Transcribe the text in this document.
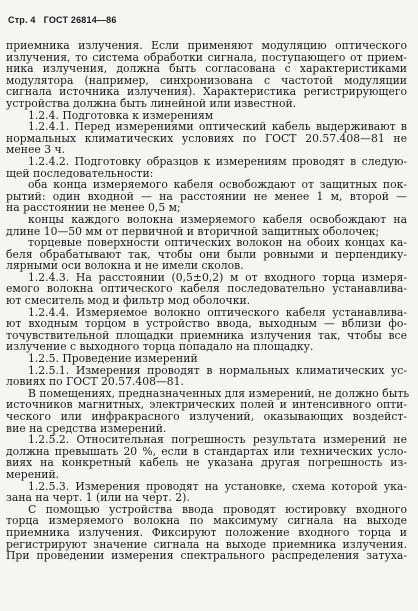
Стр. 4 ГОСТ 26814—86
приемника излучения. Если применяют модуляцию оптического
излучения, то система обработки сигнала, поступающего от прием-
ника излучения, должна быть согласована с характеристиками
модулятора (например, синхронизована с частотой модуляции
сигнала источника излучения). Характеристика регистрирующего
устройства должна быть линейной или известной.
1.2.4. Подготовка к измерениям
1.2.4.1. Перед измерениями оптический кабель выдерживают в
нормальных климатических условиях по ГОСТ 20.57.408—81 не
менее 3 ч.
1.2.4.2. Подготовку образцов к измерениям проводят в следую-
щей последовательности:
оба конца измеряемого кабеля освобождают от защитных пок-
рытий: один входной — на расстоянии не менее 1 м, второй —
на расстоянии не менее 0,5 м;
концы каждого волокна измеряемого кабеля освобождают на
длине 10—50 мм от первичной и вторичной защитных оболочек;
торцевые поверхности оптических волокон на обоих концах ка-
беля обрабатывают так, чтобы они были ровными и перпендику-
лярными оси волокна и не имели сколов.
1.2.4.3. На расстоянии (0,5±0,2) м от входного торца измеря-
емого волокна оптического кабеля последовательно устанавлива-
ют смеситель мод и фильтр мод оболочки.
1.2.4.4. Измеряемое волокно оптического кабеля устанавлива-
ют входным торцом в устройство ввода, выходным — вблизи фо-
точувствительной площадки приемника излучения так, чтобы все
излучение с выходного торца попадало на площадку.
1.2.5. Проведение измерений
1.2.5.1. Измерения проводят в нормальных климатических ус-
ловиях по ГОСТ 20.57.408—81.
В помещениях, предназначенных для измерений, не должно быть
источников магнитных, электрических полей и интенсивного опти-
ческого или инфракрасного излучений, оказывающих воздейст-
вие на средства измерений.
1.2.5.2. Относительная погрешность результата измерений не
должна превышать 20 %, если в стандартах или технических усло-
виях на конкретный кабель не указана другая погрешность из-
мерений.
1.2.5.3. Измерения проводят на установке, схема которой ука-
зана на черт. 1 (или на черт. 2).
С помощью устройства ввода проводят юстировку входного
торца измеряемого волокна по максимуму сигнала на выходе
приемника излучения. Фиксируют положение входного торца и
регистрируют значение сигнала на выходе приемника излучения.
При проведении измерения спектрального распределения затуха-
